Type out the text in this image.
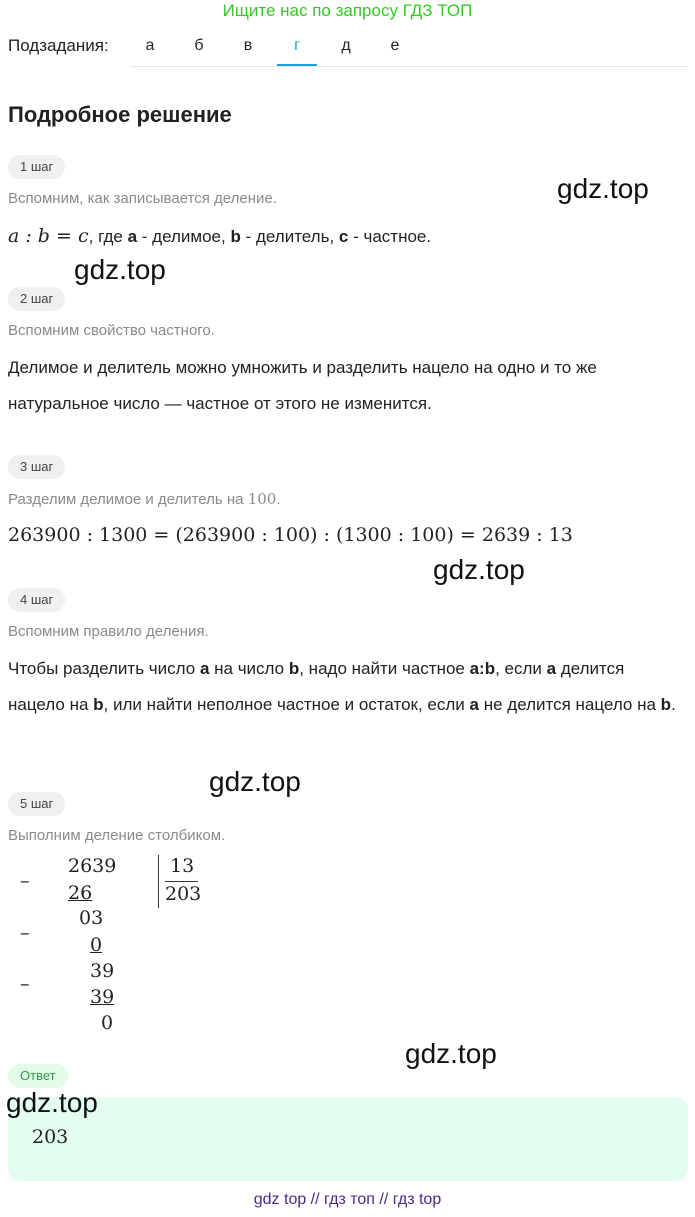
Ищите нас по запросу ГДЗ ТОП
Подзадания:	а	б	в	г	д	е
Подробное решение
1 шаг
Вспомним, как записывается деление.
a : b = c, где a - делимое, b - делитель, c - частное.
2 шаг
Вспомним свойство частного.
Делимое и делитель можно умножить и разделить нацело на одно и то же натуральное число — частное от этого не изменится.
3 шаг
Разделим делимое и делитель на 100.
263900 : 1300 = (263900 : 100) : (1300 : 100) = 2639 : 13
4 шаг
Вспомним правило деления.
Чтобы разделить число a на число b, надо найти частное a:b, если a делится нацело на b, или найти неполное частное и остаток, если a не делится нацело на b.
5 шаг
Выполним деление столбиком.
–
–
–
2639
26
03
0
39
39
0
13
203
Ответ
203
gdz.top
gdz.top
gdz.top
gdz.top
gdz.top
gdz.top
gdz top // гдз топ // гдз top
